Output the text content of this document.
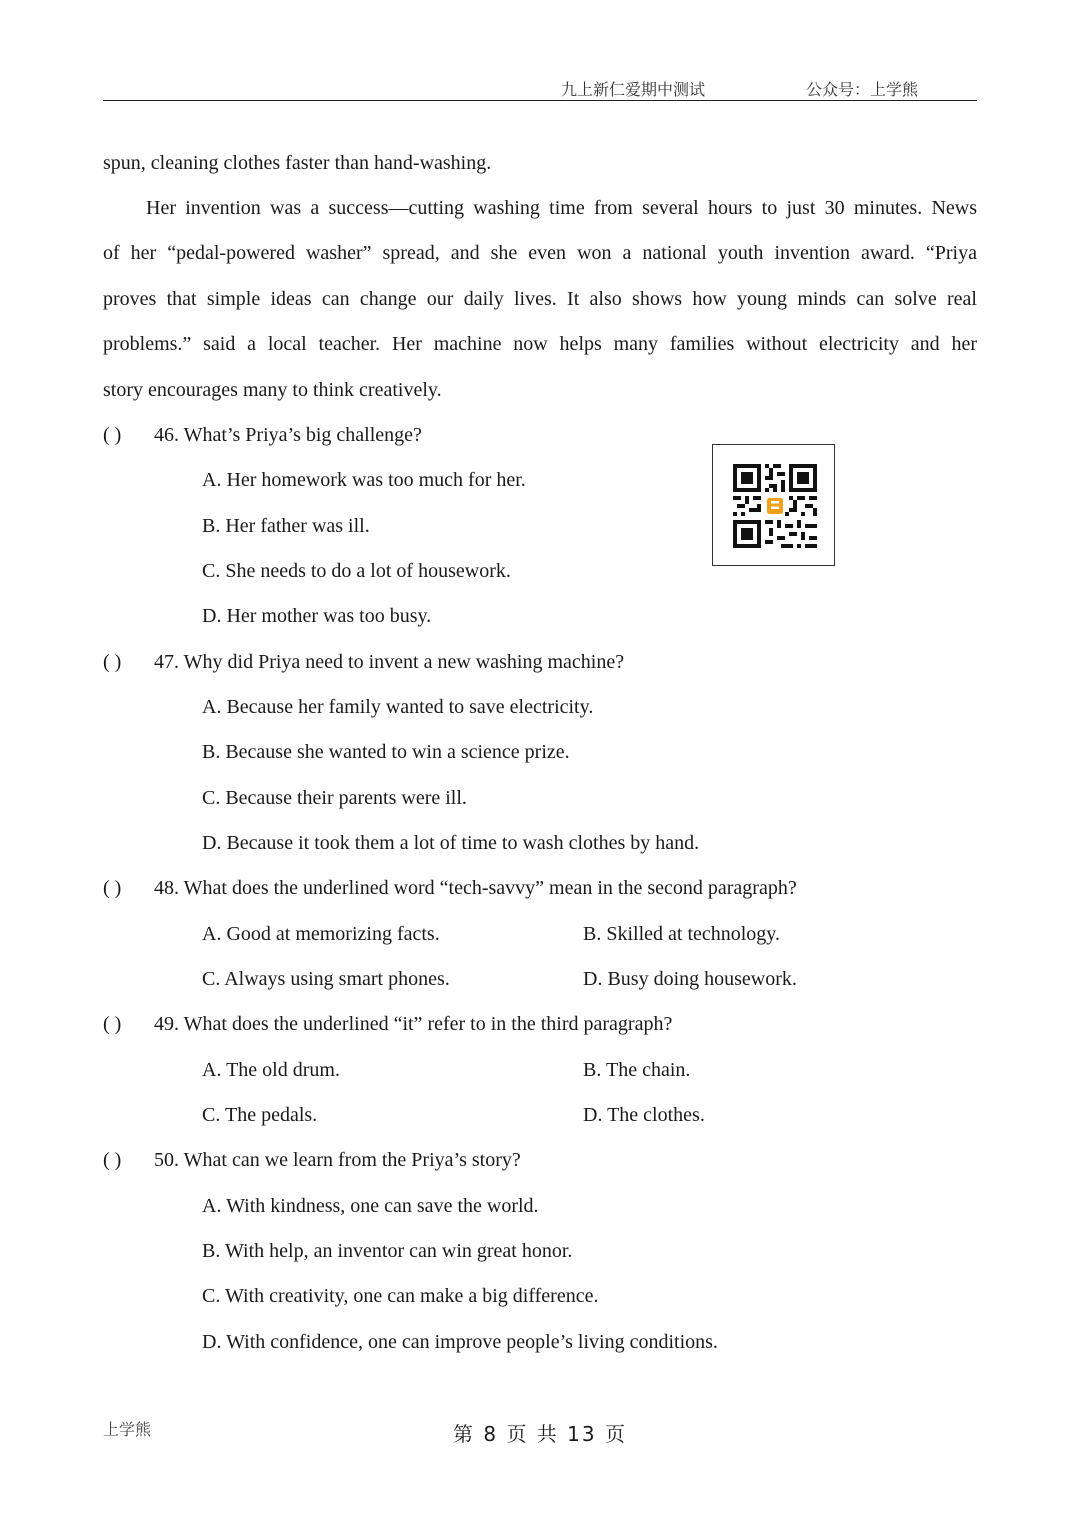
九上新仁爱期中测试	公众号：上学熊
spun, cleaning clothes faster than hand-washing.
Her invention was a success—cutting washing time from several hours to just 30 minutes. News
of her “pedal-powered washer” spread, and she even won a national youth invention award. “Priya
proves that simple ideas can change our daily lives. It also shows how young minds can solve real
problems.” said a local teacher. Her machine now helps many families without electricity and her
story encourages many to think creatively.
( ) 46. What’s Priya’s big challenge?
A. Her homework was too much for her.
B. Her father was ill.
C. She needs to do a lot of housework.
D. Her mother was too busy.
( ) 47. Why did Priya need to invent a new washing machine?
A. Because her family wanted to save electricity.
B. Because she wanted to win a science prize.
C. Because their parents were ill.
D. Because it took them a lot of time to wash clothes by hand.
( ) 48. What does the underlined word “tech-savvy” mean in the second paragraph?
A. Good at memorizing facts.	B. Skilled at technology.
C. Always using smart phones.	D. Busy doing housework.
( ) 49. What does the underlined “it” refer to in the third paragraph?
A. The old drum.	B. The chain.
C. The pedals.	D. The clothes.
( ) 50. What can we learn from the Priya’s story?
A. With kindness, one can save the world.
B. With help, an inventor can win great honor.
C. With creativity, one can make a big difference.
D. With confidence, one can improve people’s living conditions.
上学熊	第 8 页 共 13 页
